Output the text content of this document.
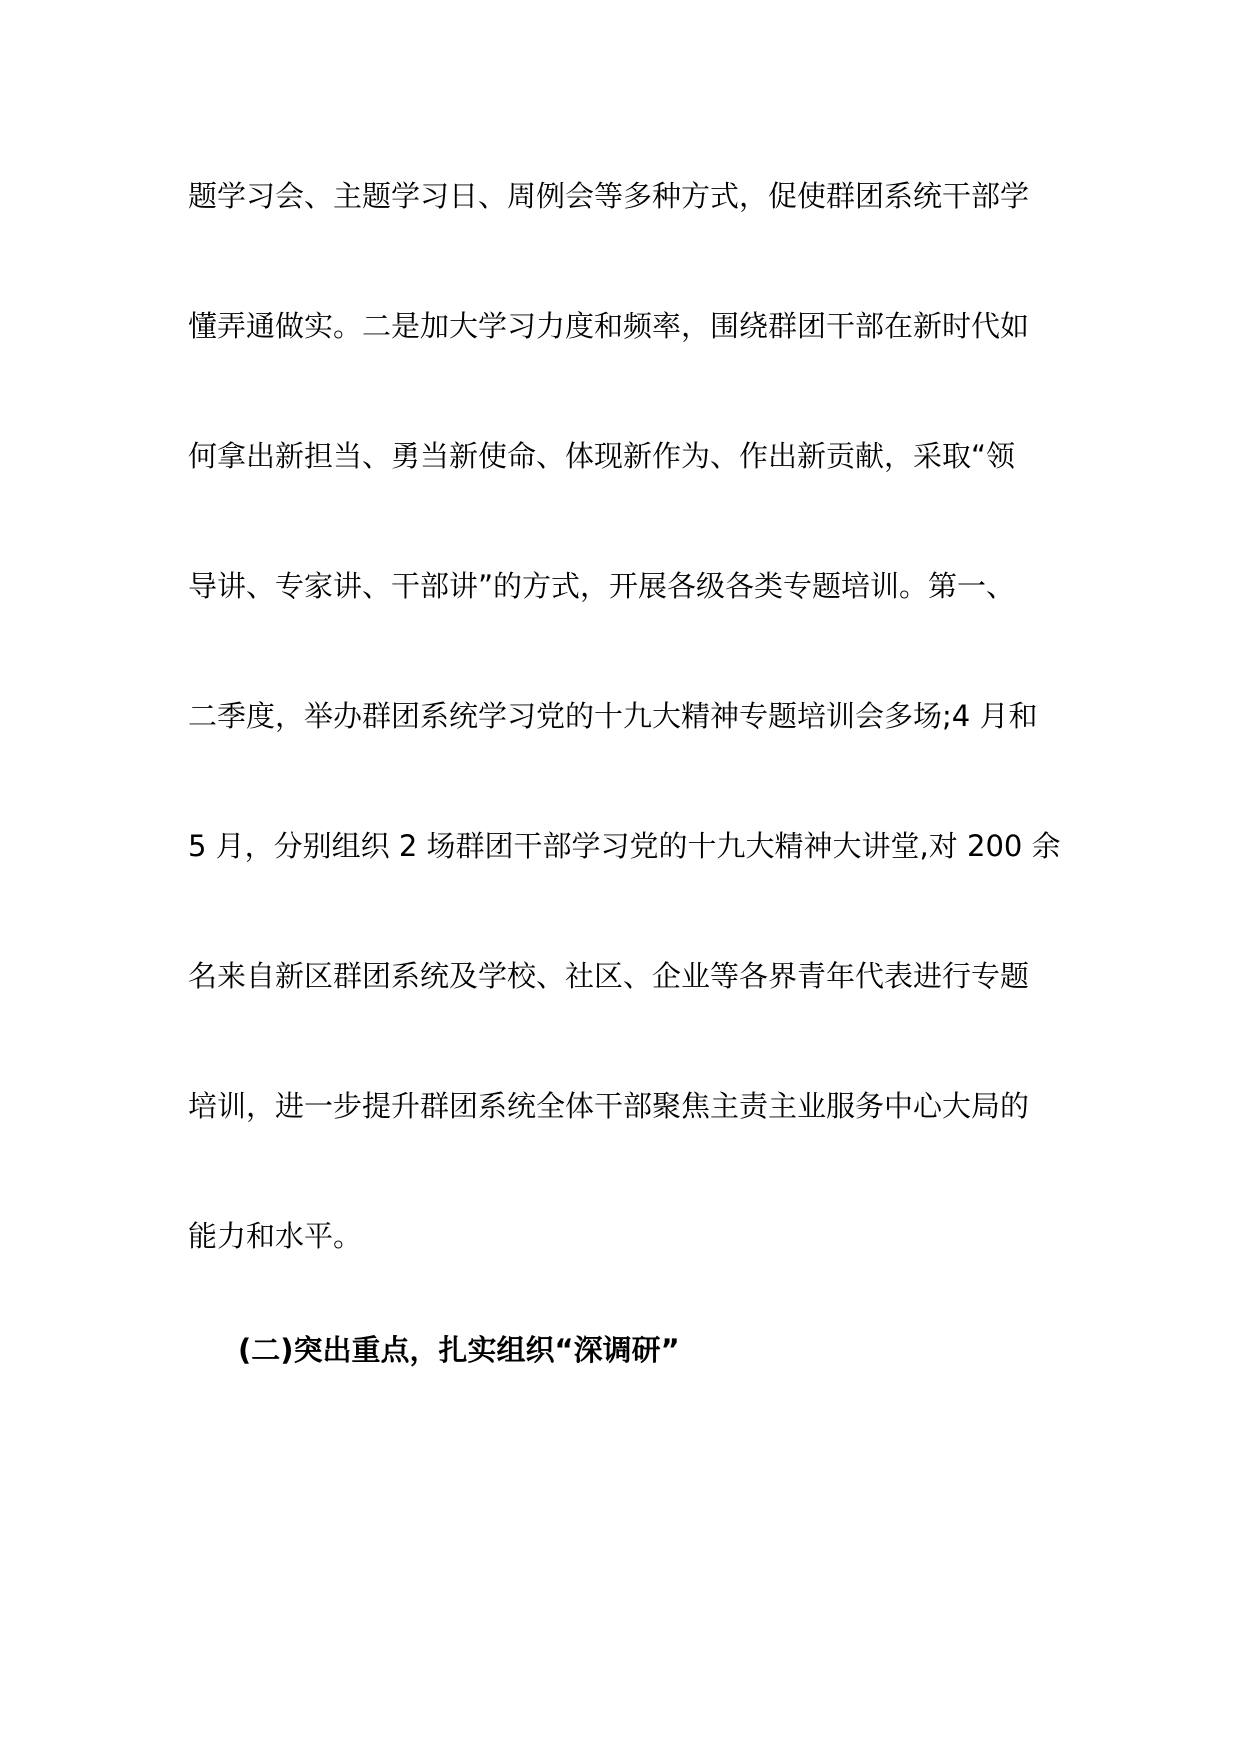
题学习会、主题学习日、周例会等多种方式，促使群团系统干部学
懂弄通做实。二是加大学习力度和频率，围绕群团干部在新时代如
何拿出新担当、勇当新使命、体现新作为、作出新贡献，采取“领
导讲、专家讲、干部讲”的方式，开展各级各类专题培训。第一、
二季度，举办群团系统学习党的十九大精神专题培训会多场;4 月和
5 月，分别组织 2 场群团干部学习党的十九大精神大讲堂,对 200 余
名来自新区群团系统及学校、社区、企业等各界青年代表进行专题
培训，进一步提升群团系统全体干部聚焦主责主业服务中心大局的
能力和水平。
(二)突出重点，扎实组织“深调研”
